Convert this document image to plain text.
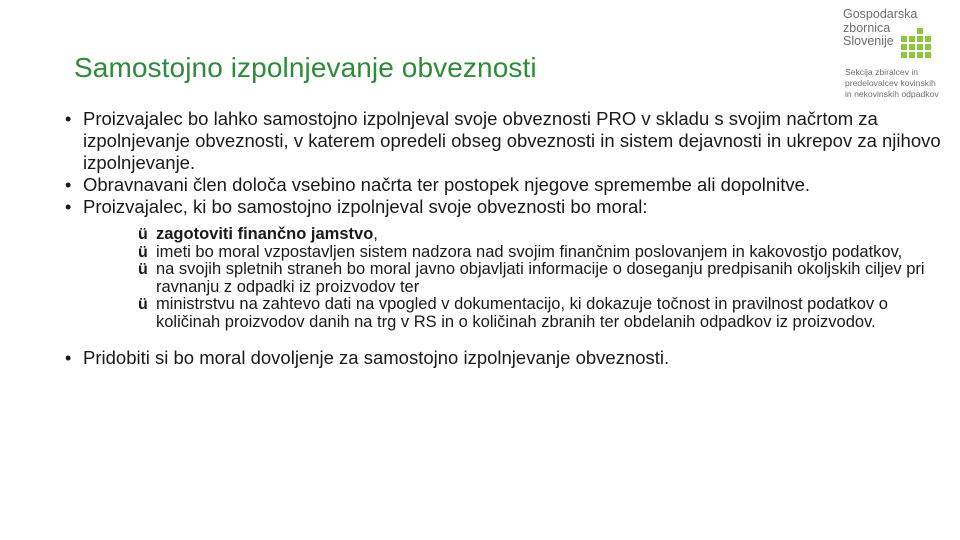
Samostojno izpolnjevanje obveznosti
Gospodarska
zbornica
Slovenije
Sekcija zbiralcev in
predelovalcev kovinskih
in nekovinskih odpadkov
• Proizvajalec bo lahko samostojno izpolnjeval svoje obveznosti PRO v skladu s svojim načrtom za izpolnjevanje obveznosti, v katerem opredeli obseg obveznosti in sistem dejavnosti in ukrepov za njihovo izpolnjevanje.
• Obravnavani člen določa vsebino načrta ter postopek njegove spremembe ali dopolnitve.
• Proizvajalec, ki bo samostojno izpolnjeval svoje obveznosti bo moral:
ü zagotoviti finančno jamstvo,
ü imeti bo moral vzpostavljen sistem nadzora nad svojim finančnim poslovanjem in kakovostjo podatkov,
ü na svojih spletnih straneh bo moral javno objavljati informacije o doseganju predpisanih okoljskih ciljev pri ravnanju z odpadki iz proizvodov ter
ü ministrstvu na zahtevo dati na vpogled v dokumentacijo, ki dokazuje točnost in pravilnost podatkov o količinah proizvodov danih na trg v RS in o količinah zbranih ter obdelanih odpadkov iz proizvodov.
• Pridobiti si bo moral dovoljenje za samostojno izpolnjevanje obveznosti.
